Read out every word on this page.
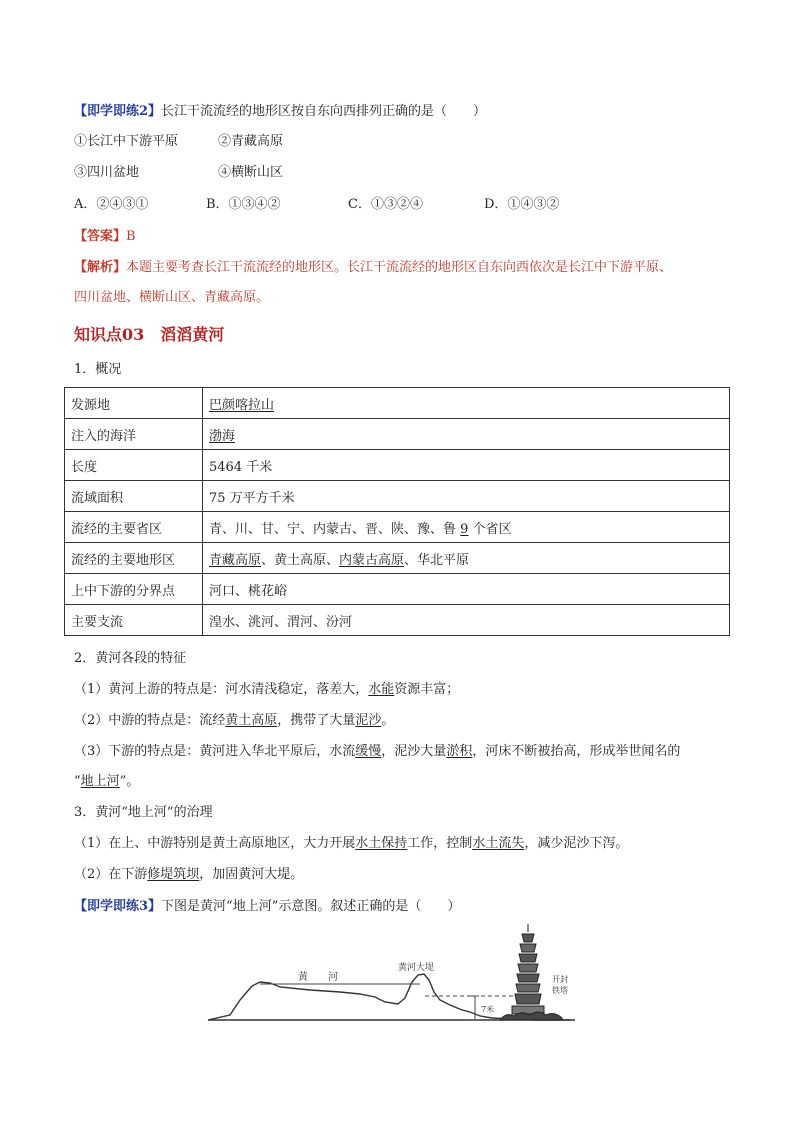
【即学即练2】长江干流流经的地形区按自东向西排列正确的是（　　）
①长江中下游平原	②青藏高原
③四川盆地	④横断山区
A．②④③①	B．①③④②	C．①③②④	D．①④③②
【答案】B
【解析】本题主要考查长江干流流经的地形区。长江干流流经的地形区自东向西依次是长江中下游平原、
四川盆地、横断山区、青藏高原。
知识点03　滔滔黄河
1．概况
发源地	巴颜喀拉山
注入的海洋	渤海
长度	5464 千米
流域面积	75 万平方千米
流经的主要省区	青、川、甘、宁、内蒙古、晋、陕、豫、鲁 9 个省区
流经的主要地形区	青藏高原、黄土高原、内蒙古高原、华北平原
上中下游的分界点	河口、桃花峪
主要支流	湟水、洮河、渭河、汾河
2．黄河各段的特征
（1）黄河上游的特点是：河水清浅稳定，落差大，水能资源丰富；
（2）中游的特点是：流经黄土高原，携带了大量泥沙。
（3）下游的特点是：黄河进入华北平原后，水流缓慢，泥沙大量淤积，河床不断被抬高，形成举世闻名的
“地上河”。
3．黄河“地上河”的治理
（1）在上、中游特别是黄土高原地区，大力开展水土保持工作，控制水土流失，减少泥沙下泻。
（2）在下游修堤筑坝，加固黄河大堤。
【即学即练3】下图是黄河“地上河”示意图。叙述正确的是（　　）
7米
黄　　河
黄河大堤
开封
铁塔
